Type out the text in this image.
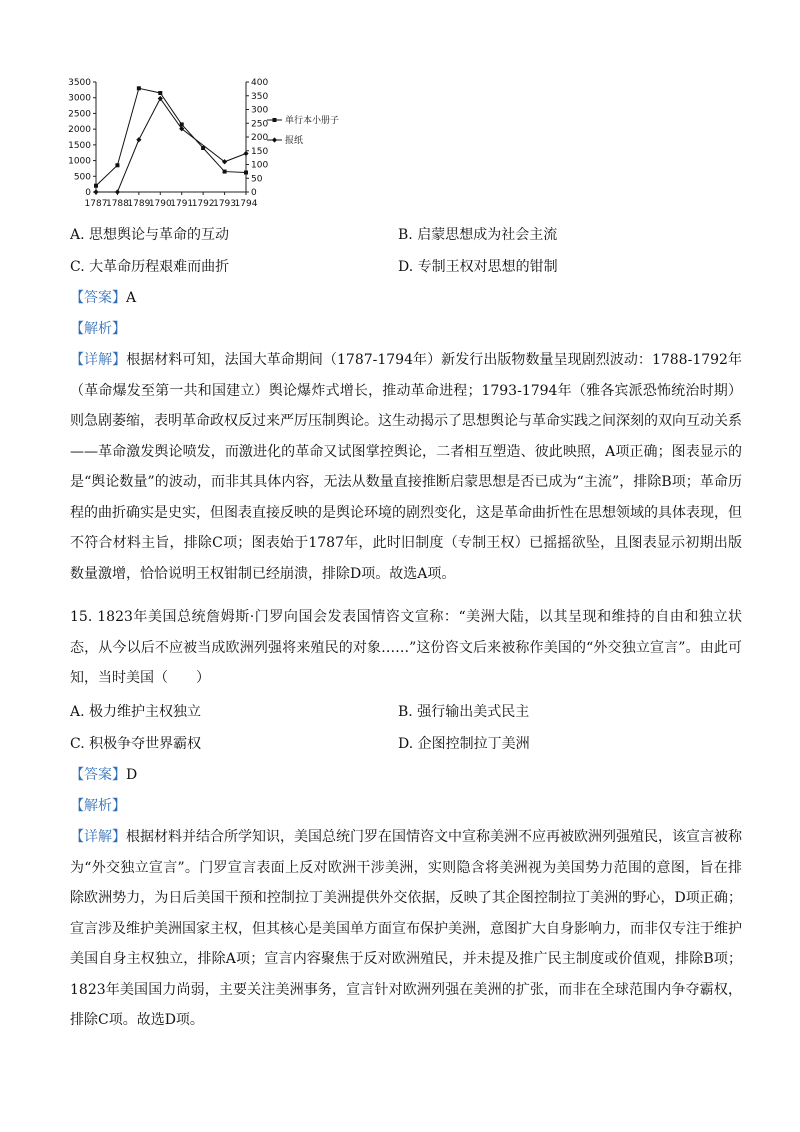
3500
3000
2500
2000
1500
1000
500
0
400
350
300
250
200
150
100
50
0
1787
1788
1789
1790
1791
1792
1793
1794
单行本小册子
报纸
A. 思想舆论与革命的互动	B. 启蒙思想成为社会主流
C. 大革命历程艰难而曲折	D. 专制王权对思想的钳制
【答案】A
【解析】
【详解】根据材料可知，法国大革命期间（1787-1794年）新发行出版物数量呈现剧烈波动：1788-1792年（革命爆发至第一共和国建立）舆论爆炸式增长，推动革命进程；1793-1794年（雅各宾派恐怖统治时期）则急剧萎缩，表明革命政权反过来严厉压制舆论。这生动揭示了思想舆论与革命实践之间深刻的双向互动关系——革命激发舆论喷发，而激进化的革命又试图掌控舆论，二者相互塑造、彼此映照，A项正确；图表显示的是“舆论数量”的波动，而非其具体内容，无法从数量直接推断启蒙思想是否已成为“主流”，排除B项；革命历程的曲折确实是史实，但图表直接反映的是舆论环境的剧烈变化，这是革命曲折性在思想领域的具体表现，但不符合材料主旨，排除C项；图表始于1787年，此时旧制度（专制王权）已摇摇欲坠，且图表显示初期出版数量激增，恰恰说明王权钳制已经崩溃，排除D项。故选A项。
15. 1823年美国总统詹姆斯·门罗向国会发表国情咨文宣称：“美洲大陆，以其呈现和维持的自由和独立状态，从今以后不应被当成欧洲列强将来殖民的对象……”这份咨文后来被称作美国的“外交独立宣言”。由此可知，当时美国（　　）
A. 极力维护主权独立	B. 强行输出美式民主
C. 积极争夺世界霸权	D. 企图控制拉丁美洲
【答案】D
【解析】
【详解】根据材料并结合所学知识，美国总统门罗在国情咨文中宣称美洲不应再被欧洲列强殖民，该宣言被称为“外交独立宣言”。门罗宣言表面上反对欧洲干涉美洲，实则隐含将美洲视为美国势力范围的意图，旨在排除欧洲势力，为日后美国干预和控制拉丁美洲提供外交依据，反映了其企图控制拉丁美洲的野心，D项正确；宣言涉及维护美洲国家主权，但其核心是美国单方面宣布保护美洲，意图扩大自身影响力，而非仅专注于维护美国自身主权独立，排除A项；宣言内容聚焦于反对欧洲殖民，并未提及推广民主制度或价值观，排除B项；1823年美国国力尚弱，主要关注美洲事务，宣言针对欧洲列强在美洲的扩张，而非在全球范围内争夺霸权，排除C项。故选D项。
